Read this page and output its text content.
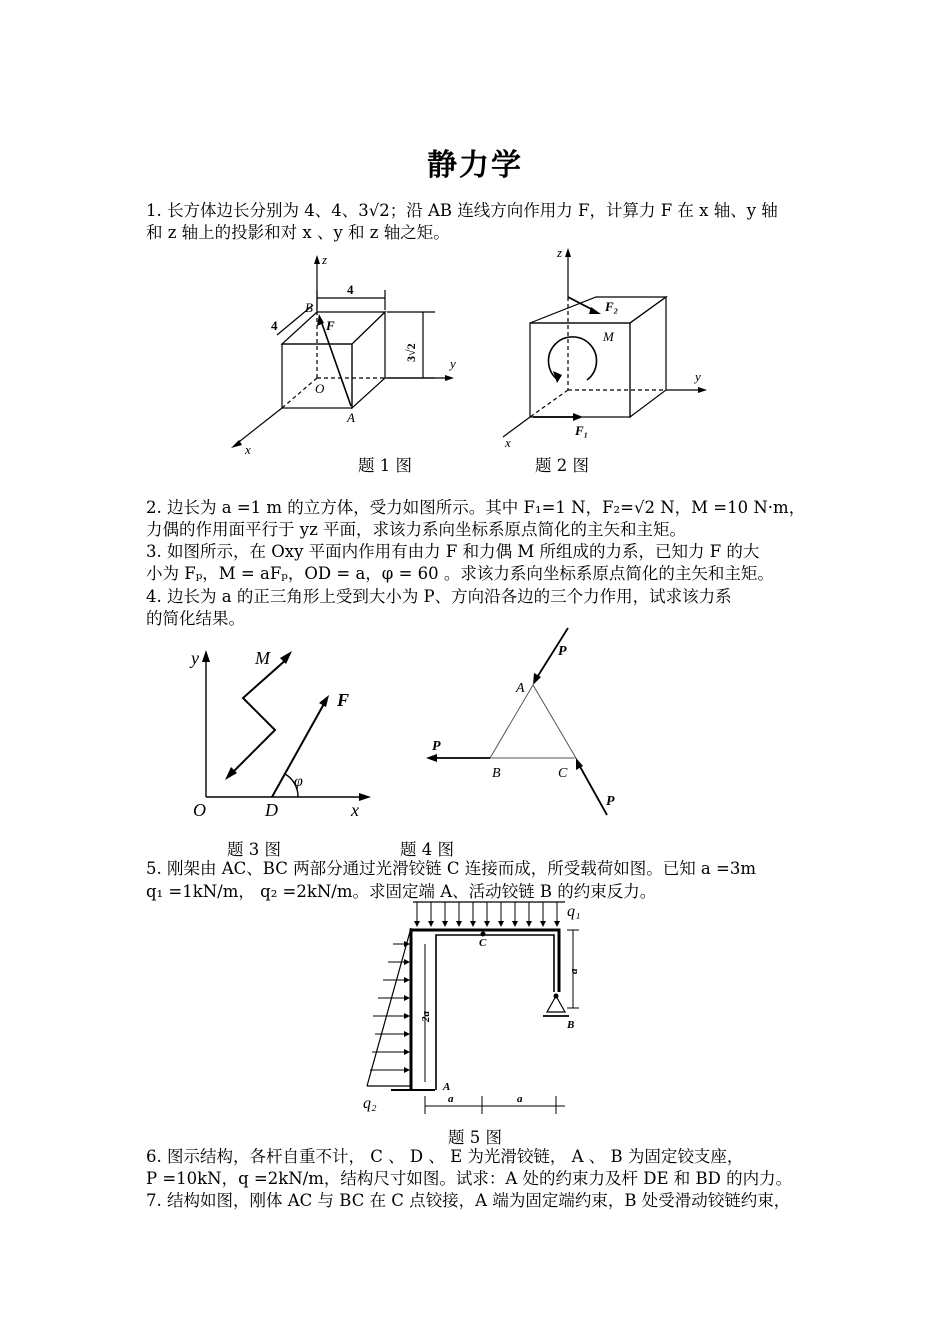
静力学
1. 长方体边长分别为 4、4、3√2；沿 AB 连线方向作用力 F，计算力 F 在 x 轴、y 轴
和 z 轴上的投影和对 x 、y 和 z 轴之矩。
z
y
x
B
O
A
F
4
4
3√2
z
y
x
M
F₂
F₁
题 1 图	题 2 图
2. 边长为 a =1 m 的立方体，受力如图所示。其中 F₁=1 N，F₂=√2 N，M =10 N·m，
力偶的作用面平行于 yz 平面，求该力系向坐标系原点简化的主矢和主矩。
3. 如图所示，在 Oxy 平面内作用有由力 F 和力偶 M 所组成的力系，已知力 F 的大
小为 Fₚ，M = aFₚ，OD = a，φ = 60 。求该力系向坐标系原点简化的主矢和主矩。
4. 边长为 a 的正三角形上受到大小为 P、方向沿各边的三个力作用，试求该力系
的简化结果。
y
x
O	D
M
F
φ
A
B	C
P
P
P
题 3 图	题 4 图
5. 刚架由 AC、BC 两部分通过光滑铰链 C 连接而成，所受载荷如图。已知 a =3m
q₁ =1kN/m， q₂ =2kN/m。求固定端 A、活动铰链 B 的约束反力。
q₁
q₂
C
A
B
a	a
a
2a
题 5 图
6. 图示结构，各杆自重不计， C 、 D 、 E 为光滑铰链， A 、 B 为固定铰支座，
P =10kN，q =2kN/m，结构尺寸如图。试求：A 处的约束力及杆 DE 和 BD 的内力。
7. 结构如图，刚体 AC 与 BC 在 C 点铰接，A 端为固定端约束，B 处受滑动铰链约束，
